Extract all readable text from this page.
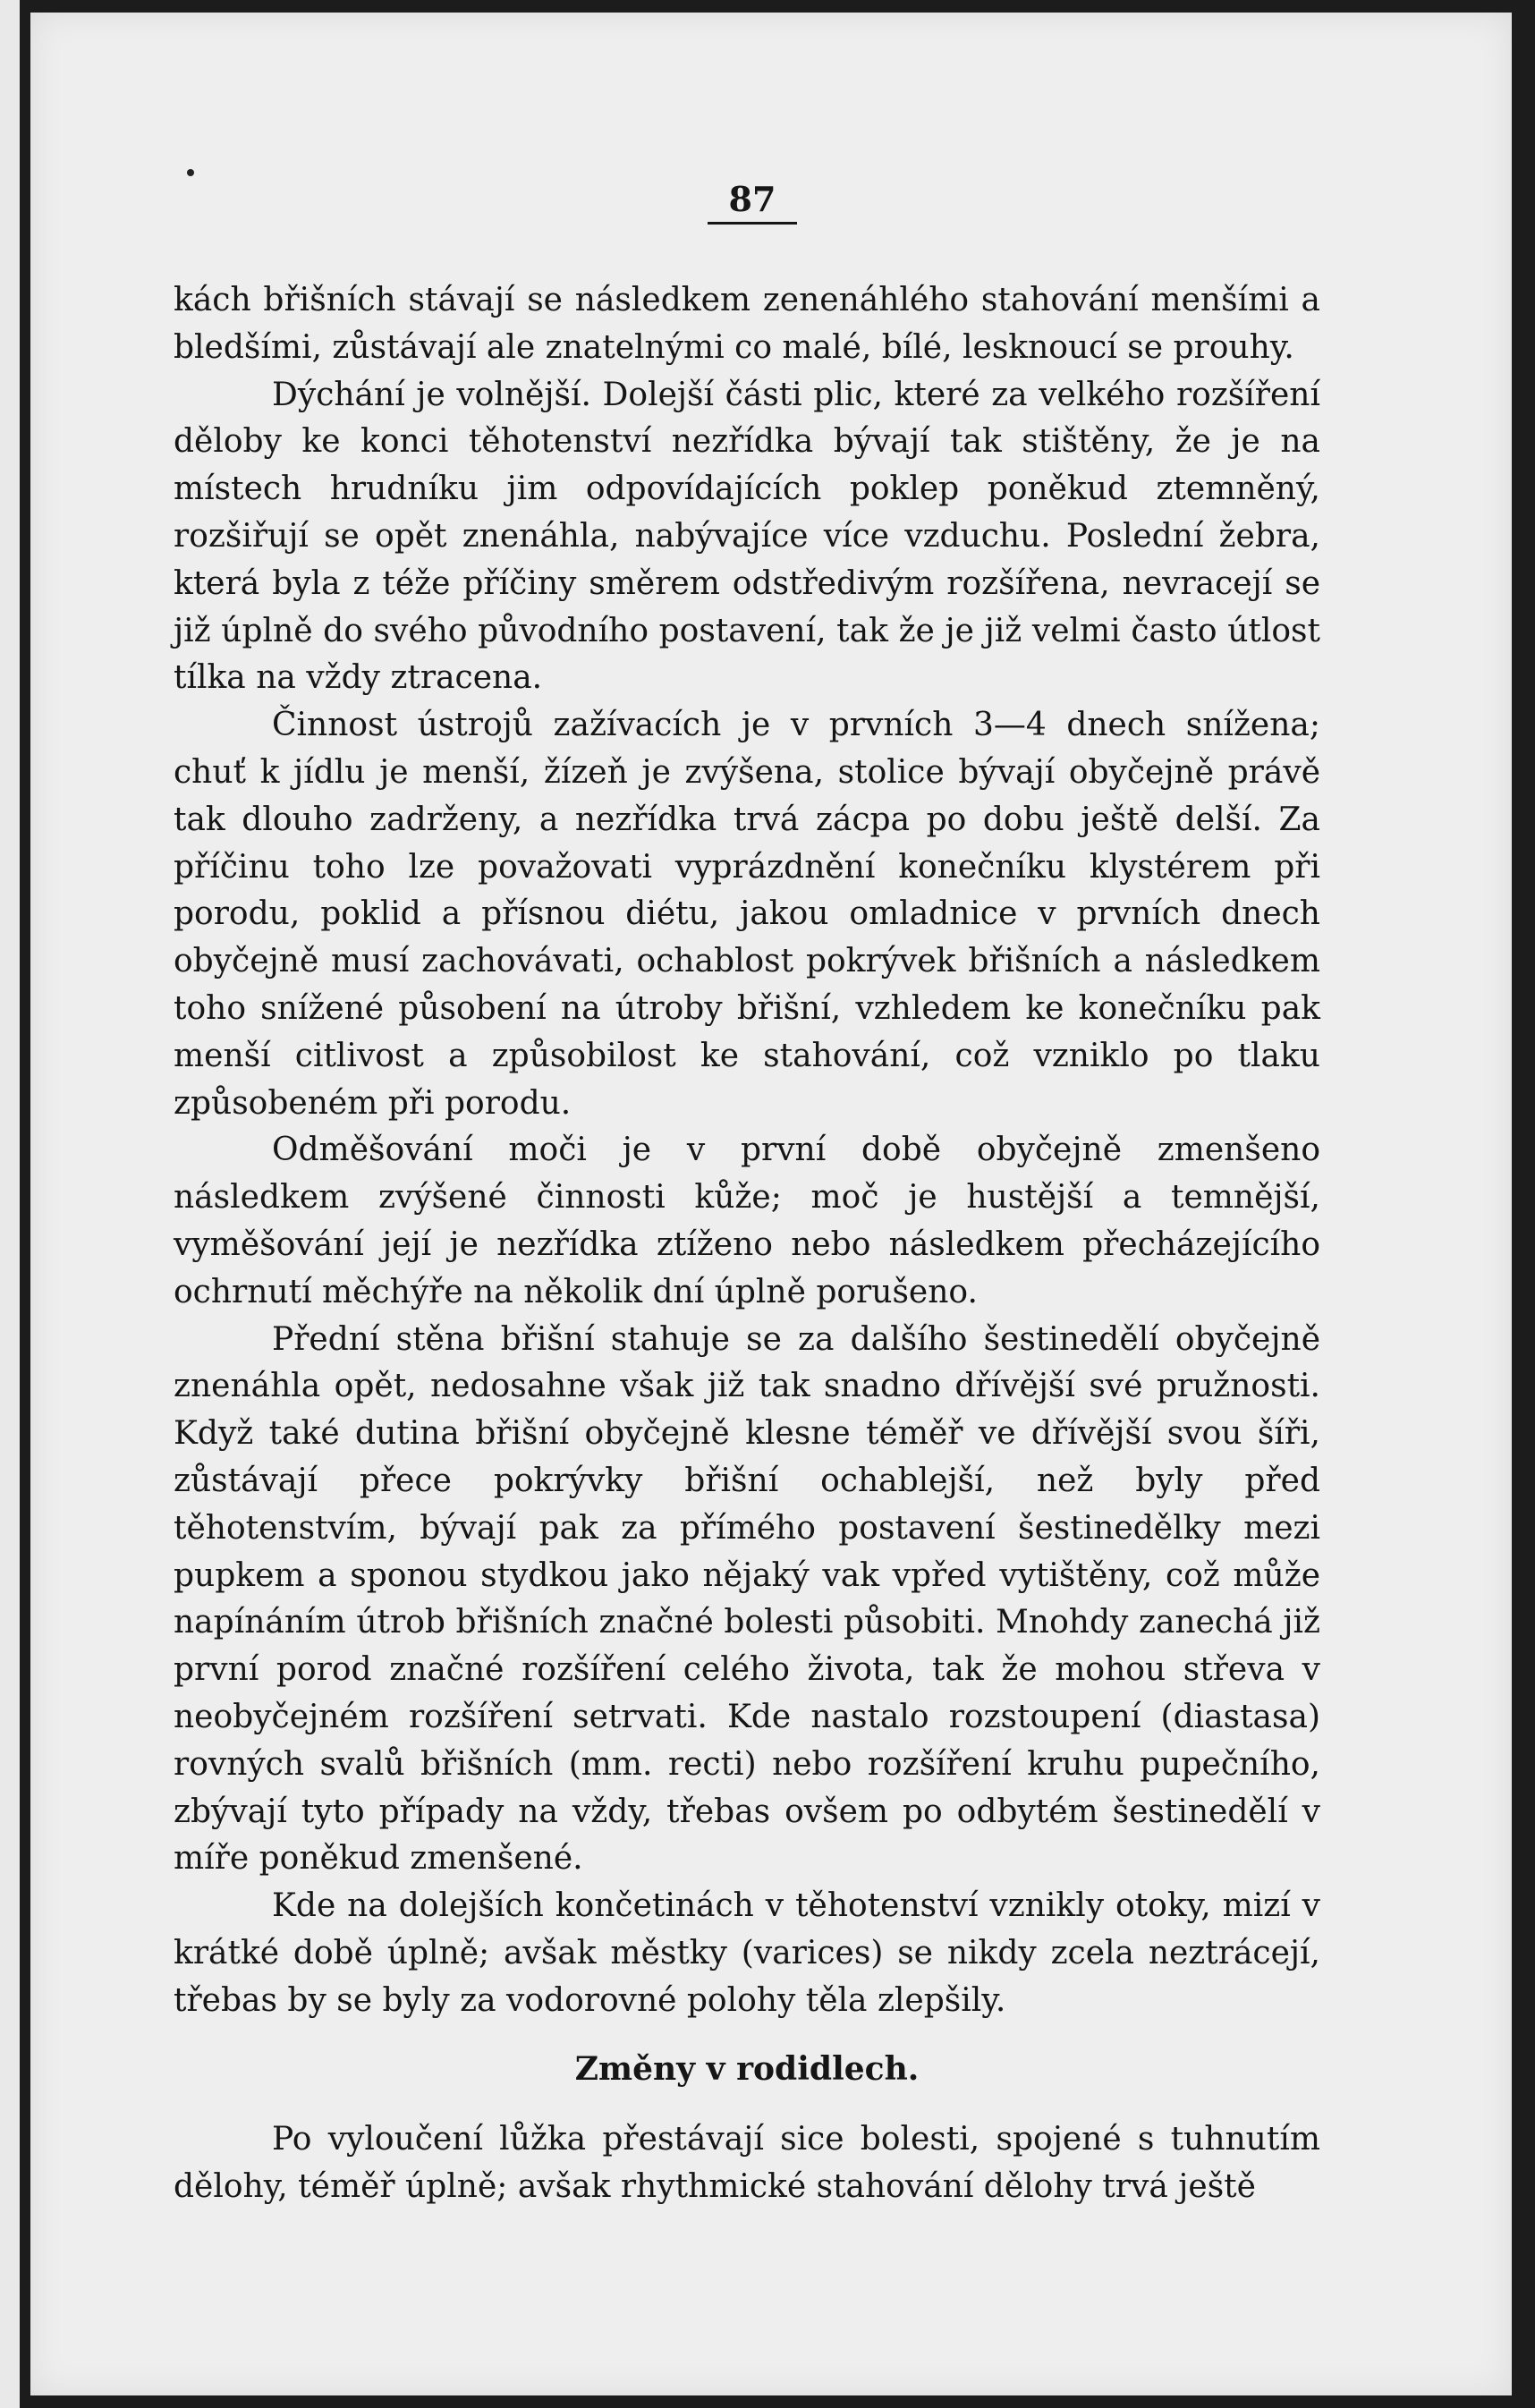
87

kách břišních stávají se následkem zenenáhlého stahování menšími a bledšími, zůstávají ale znatelnými co malé, bílé, lesknoucí se prouhy.

Dýchání je volnější. Dolejší části plic, které za velkého rozšíření děloby ke konci těhotenství nezřídka bývají tak stištěny, že je na místech hrudníku jim odpovídajících poklep poněkud ztemněný, rozšiřují se opět znenáhla, nabývajíce více vzduchu. Poslední žebra, která byla z téže příčiny směrem odstředivým rozšířena, nevracejí se již úplně do svého původního postavení, tak že je již velmi často útlost tílka na vždy ztracena.

Činnost ústrojů zažívacích je v prvních 3—4 dnech snížena; chuť k jídlu je menší, žízeň je zvýšena, stolice bývají obyčejně právě tak dlouho zadrženy, a nezřídka trvá zácpa po dobu ještě delší. Za příčinu toho lze považovati vyprázdnění konečníku klystérem při porodu, poklid a přísnou diétu, jakou omladnice v prvních dnech obyčejně musí zachovávati, ochablost pokrývek břišních a následkem toho snížené působení na útroby břišní, vzhledem ke konečníku pak menší citlivost a způsobilost ke stahování, což vzniklo po tlaku způsobeném při porodu.

Odměšování moči je v první době obyčejně zmenšeno následkem zvýšené činnosti kůže; moč je hustější a temnější, vyměšování její je nezřídka ztíženo nebo následkem přecházejícího ochrnutí měchýře na několik dní úplně porušeno.

Přední stěna břišní stahuje se za dalšího šestinedělí obyčejně znenáhla opět, nedosahne však již tak snadno dřívější své pružnosti. Když také dutina břišní obyčejně klesne téměř ve dřívější svou šíři, zůstávají přece pokrývky břišní ochablejší, než byly před těhotenstvím, bývají pak za přímého postavení šestinedělky mezi pupkem a sponou stydkou jako nějaký vak vpřed vytištěny, což může napínáním útrob břišních značné bolesti působiti. Mnohdy zanechá již první porod značné rozšíření celého života, tak že mohou střeva v neobyčejném rozšíření setrvati. Kde nastalo rozstoupení (diastasa) rovných svalů břišních (mm. recti) nebo rozšíření kruhu pupečního, zbývají tyto případy na vždy, třebas ovšem po odbytém šestinedělí v míře poněkud zmenšené.

Kde na dolejších končetinách v těhotenství vznikly otoky, mizí v krátké době úplně; avšak městky (varices) se nikdy zcela neztrácejí, třebas by se byly za vodorovné polohy těla zlepšily.

Změny v rodidlech.

Po vyloučení lůžka přestávají sice bolesti, spojené s tuhnutím dělohy, téměř úplně; avšak rhythmické stahování dělohy trvá ještě
